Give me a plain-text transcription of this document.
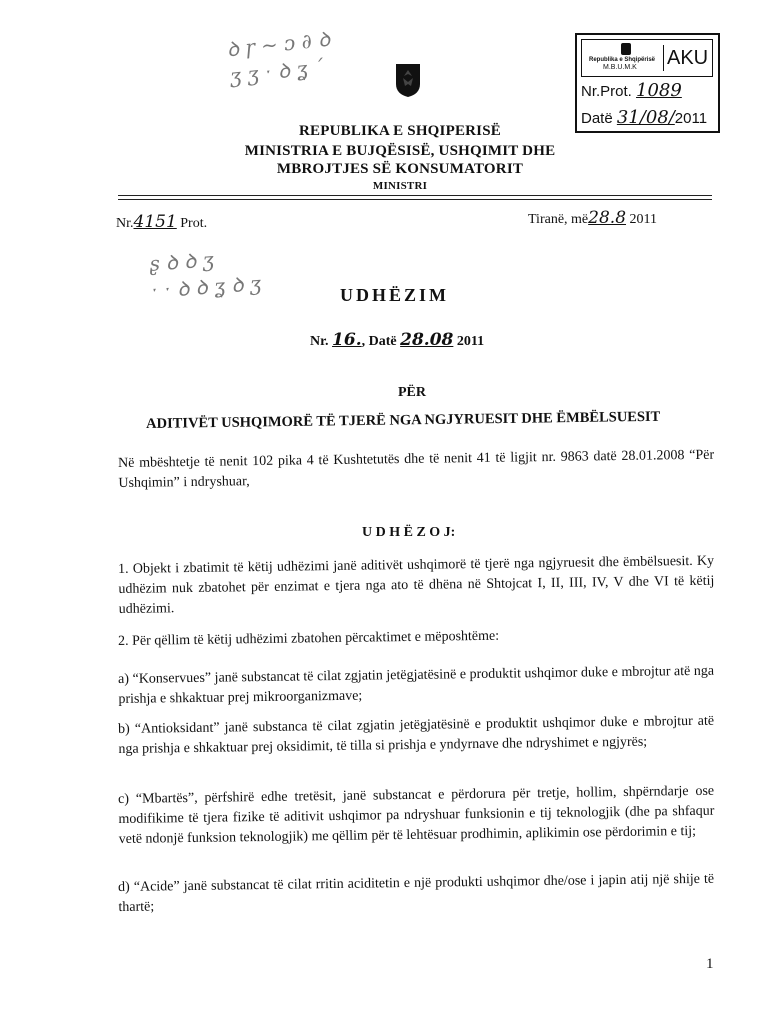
ꝺ ꞅ ~ ᴐ ∂ ꝺ
ʒ ʒ ˑ ꝺ ʓ ˊ
ʂ ꝺ ꝺ ʒ
ˑ ˑ ꝺ ꝺ ʓ ꝺ ʒ
REPUBLIKA E SHQIPERISË
MINISTRIA E BUJQËSISË, USHQIMIT DHE
MBROJTJES SË KONSUMATORIT
MINISTRI
Republika e Shqipërisë
M.B.U.M.K AKU
Nr.Prot. 1089
Datë 31/08/2011
Nr.4151 Prot.	Tiranë, më28.8 2011
UDHËZIM
Nr. 16., Datë 28.08 2011
PËR
ADITIVËT USHQIMORË TË TJERË NGA NGJYRUESIT DHE ËMBËLSUESIT
Në mbështetje të nenit 102 pika 4 të Kushtetutës dhe të nenit 41 të ligjit nr. 9863 datë 28.01.2008 “Për Ushqimin” i ndryshuar,
U D H Ë Z O J:
1. Objekt i zbatimit të këtij udhëzimi janë aditivët ushqimorë të tjerë nga ngjyruesit dhe ëmbëlsuesit. Ky udhëzim nuk zbatohet për enzimat e tjera nga ato të dhëna në Shtojcat I, II, III, IV, V dhe VI të këtij udhëzimi.
2. Për qëllim të këtij udhëzimi zbatohen përcaktimet e mëposhtëme:
a) “Konservues” janë substancat të cilat zgjatin jetëgjatësinë e produktit ushqimor duke e mbrojtur atë nga prishja e shkaktuar prej mikroorganizmave;
b) “Antioksidant” janë substanca të cilat zgjatin jetëgjatësinë e produktit ushqimor duke e mbrojtur atë nga prishja e shkaktuar prej oksidimit, të tilla si prishja e yndyrnave dhe ndryshimet e ngjyrës;
c) “Mbartës”, përfshirë edhe tretësit, janë substancat e përdorura për tretje, hollim, shpërndarje ose modifikime të tjera fizike të aditivit ushqimor pa ndryshuar funksionin e tij teknologjik (dhe pa shfaqur vetë ndonjë funksion teknologjik) me qëllim për të lehtësuar prodhimin, aplikimin ose përdorimin e tij;
d) “Acide” janë substancat të cilat rritin aciditetin e një produkti ushqimor dhe/ose i japin atij një shije të thartë;
1
